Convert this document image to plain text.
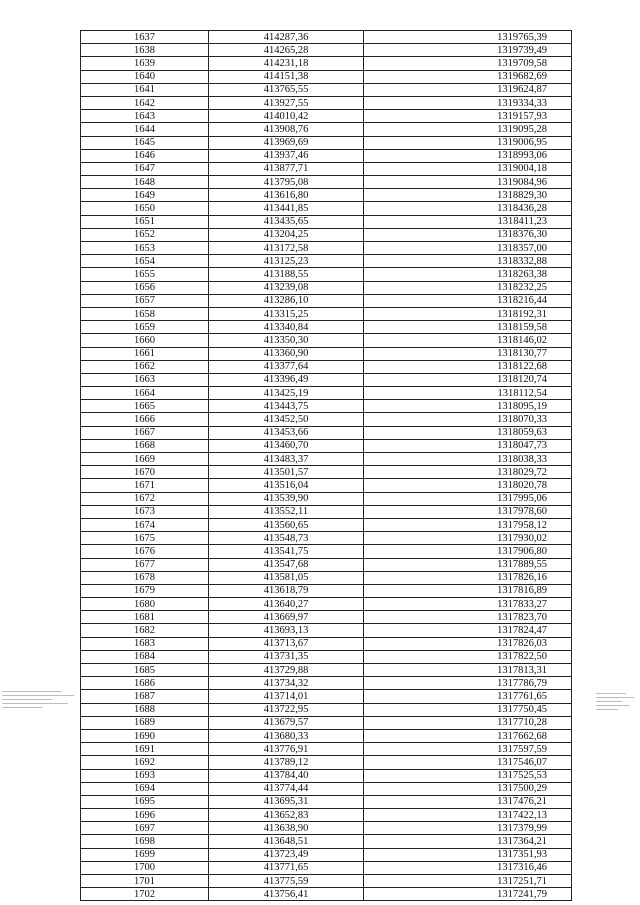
1637	414287,36	1319765,39
1638	414265,28	1319739,49
1639	414231,18	1319709,58
1640	414151,38	1319682,69
1641	413765,55	1319624,87
1642	413927,55	1319334,33
1643	414010,42	1319157,93
1644	413908,76	1319095,28
1645	413969,69	1319006,95
1646	413937,46	1318993,06
1647	413877,71	1319004,18
1648	413795,08	1319084,96
1649	413616,80	1318829,30
1650	413441,85	1318436,28
1651	413435,65	1318411,23
1652	413204,25	1318376,30
1653	413172,58	1318357,00
1654	413125,23	1318332,88
1655	413188,55	1318263,38
1656	413239,08	1318232,25
1657	413286,10	1318216,44
1658	413315,25	1318192,31
1659	413340,84	1318159,58
1660	413350,30	1318146,02
1661	413360,90	1318130,77
1662	413377,64	1318122,68
1663	413396,49	1318120,74
1664	413425,19	1318112,54
1665	413443,75	1318095,19
1666	413452,50	1318070,33
1667	413453,66	1318059,63
1668	413460,70	1318047,73
1669	413483,37	1318038,33
1670	413501,57	1318029,72
1671	413516,04	1318020,78
1672	413539,90	1317995,06
1673	413552,11	1317978,60
1674	413560,65	1317958,12
1675	413548,73	1317930,02
1676	413541,75	1317906,80
1677	413547,68	1317889,55
1678	413581,05	1317826,16
1679	413618,79	1317816,89
1680	413640,27	1317833,27
1681	413669,97	1317823,70
1682	413693,13	1317824,47
1683	413713,67	1317826,03
1684	413731,35	1317822,50
1685	413729,88	1317813,31
1686	413734,32	1317786,79
1687	413714,01	1317761,65
1688	413722,95	1317750,45
1689	413679,57	1317710,28
1690	413680,33	1317662,68
1691	413776,91	1317597,59
1692	413789,12	1317546,07
1693	413784,40	1317525,53
1694	413774,44	1317500,29
1695	413695,31	1317476,21
1696	413652,83	1317422,13
1697	413638,90	1317379,99
1698	413648,51	1317364,21
1699	413723,49	1317351,93
1700	413771,65	1317316,46
1701	413775,59	1317251,71
1702	413756,41	1317241,79
